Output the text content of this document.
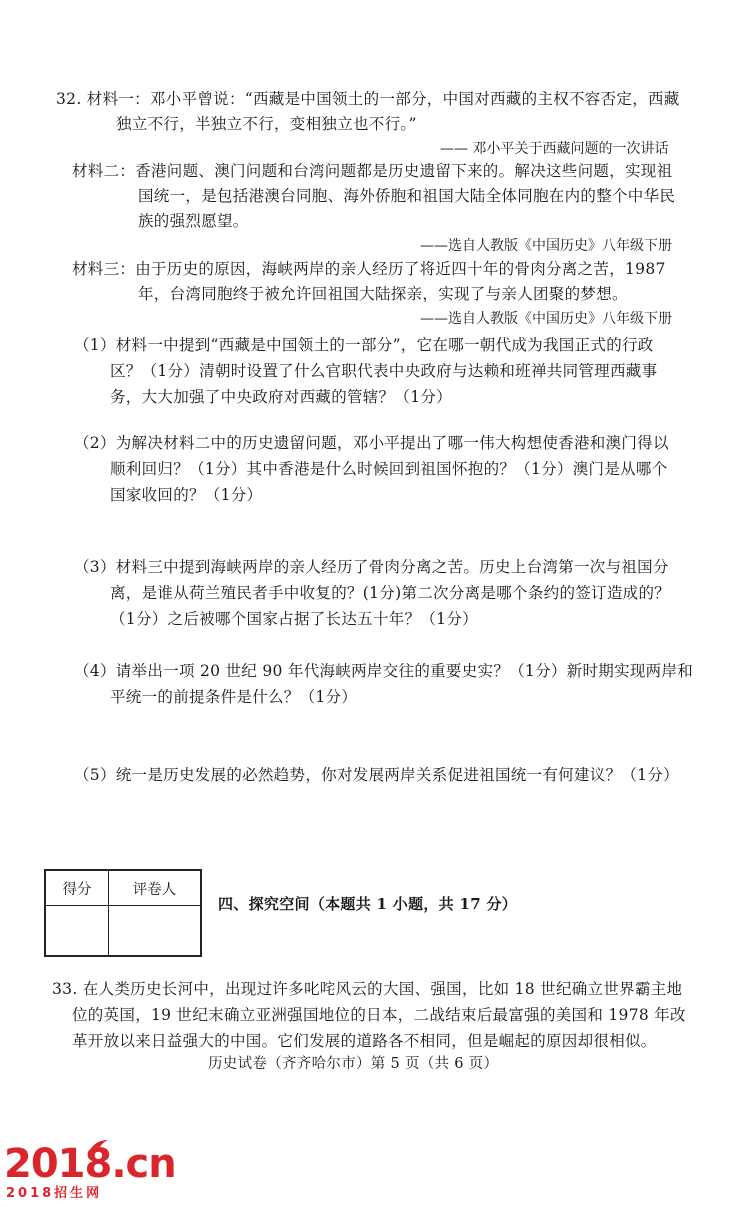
32. 材料一：邓小平曾说：“西藏是中国领土的一部分，中国对西藏的主权不容否定，西藏
独立不行，半独立不行，变相独立也不行。”
—— 邓小平关于西藏问题的一次讲话
材料二：香港问题、澳门问题和台湾问题都是历史遗留下来的。解决这些问题，实现祖
国统一，是包括港澳台同胞、海外侨胞和祖国大陆全体同胞在内的整个中华民
族的强烈愿望。
——选自人教版《中国历史》八年级下册
材料三：由于历史的原因，海峡两岸的亲人经历了将近四十年的骨肉分离之苦，1987
年，台湾同胞终于被允许回祖国大陆探亲，实现了与亲人团聚的梦想。
——选自人教版《中国历史》八年级下册
（1）材料一中提到“西藏是中国领土的一部分”，它在哪一朝代成为我国正式的行政
区？（1分）清朝时设置了什么官职代表中央政府与达赖和班禅共同管理西藏事
务，大大加强了中央政府对西藏的管辖？（1分）
（2）为解决材料二中的历史遗留问题，邓小平提出了哪一伟大构想使香港和澳门得以
顺利回归？（1分）其中香港是什么时候回到祖国怀抱的？（1分）澳门是从哪个
国家收回的？（1分）
（3）材料三中提到海峡两岸的亲人经历了骨肉分离之苦。历史上台湾第一次与祖国分
离，是谁从荷兰殖民者手中收复的？(1分)第二次分离是哪个条约的签订造成的？
（1分）之后被哪个国家占据了长达五十年？（1分）
（4）请举出一项 20 世纪 90 年代海峡两岸交往的重要史实？（1分）新时期实现两岸和
平统一的前提条件是什么？（1分）
（5）统一是历史发展的必然趋势，你对发展两岸关系促进祖国统一有何建议？（1分）
得分	评卷人

四、探究空间（本题共 1 小题，共 17 分）
33. 在人类历史长河中，出现过许多叱咤风云的大国、强国，比如 18 世纪确立世界霸主地
位的英国，19 世纪末确立亚洲强国地位的日本，二战结束后最富强的美国和 1978 年改
革开放以来日益强大的中国。它们发展的道路各不相同，但是崛起的原因却很相似。
历史试卷（齐齐哈尔市）第 5 页（共 6 页）
2018.cn
2018招生网
